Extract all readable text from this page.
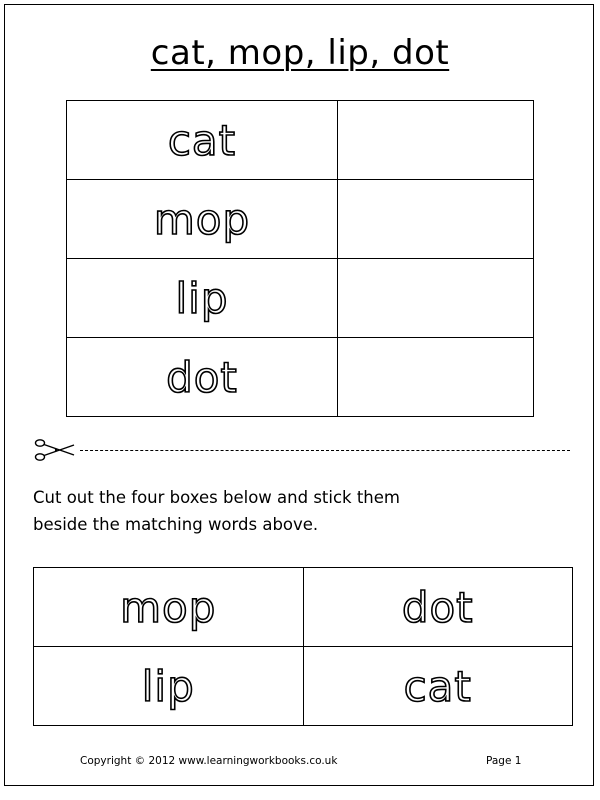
cat, mop, lip, dot
cat	
mop	
lip	
dot	
Cut out the four boxes below and stick them
beside the matching words above.
mop	dot
lip	cat
Copyright © 2012 www.learningworkbooks.co.uk	Page 1
